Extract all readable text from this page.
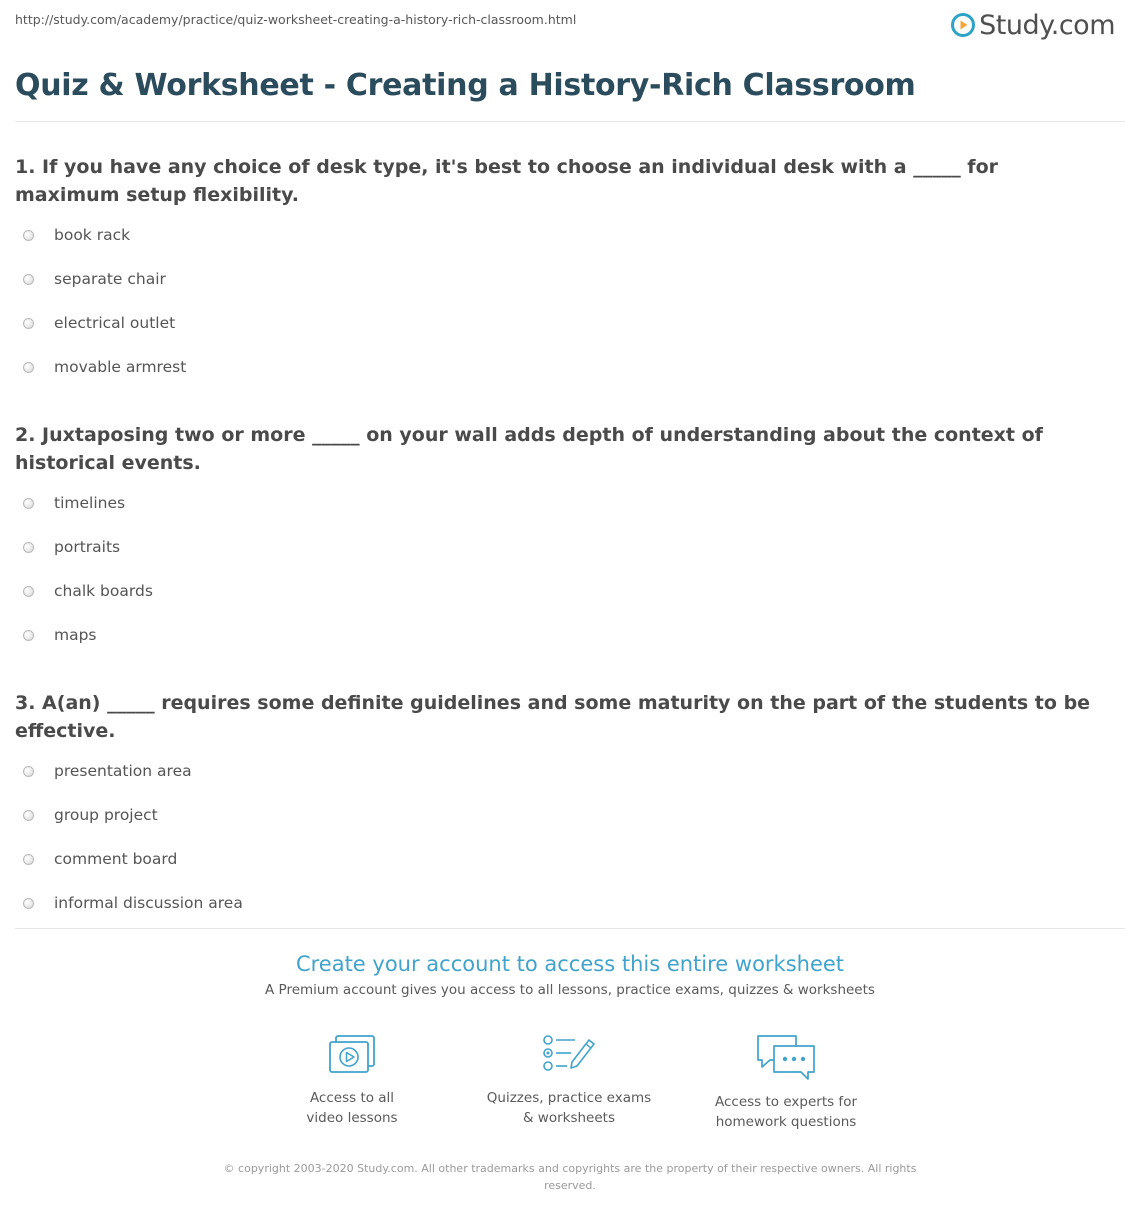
http://study.com/academy/practice/quiz-worksheet-creating-a-history-rich-classroom.html	Study.com
Quiz & Worksheet - Creating a History-Rich Classroom

1. If you have any choice of desk type, it's best to choose an individual desk with a _____ for maximum setup flexibility.

book rack
separate chair
electrical outlet
movable armrest

2. Juxtaposing two or more _____ on your wall adds depth of understanding about the context of historical events.

timelines
portraits
chalk boards
maps

3. A(an) _____ requires some definite guidelines and some maturity on the part of the students to be effective.

presentation area
group project
comment board
informal discussion area
Create your account to access this entire worksheet
A Premium account gives you access to all lessons, practice exams, quizzes & worksheets
Access to all
video lessons
Quizzes, practice exams
& worksheets
Access to experts for
homework questions
© copyright 2003-2020 Study.com. All other trademarks and copyrights are the property of their respective owners. All rights reserved.
